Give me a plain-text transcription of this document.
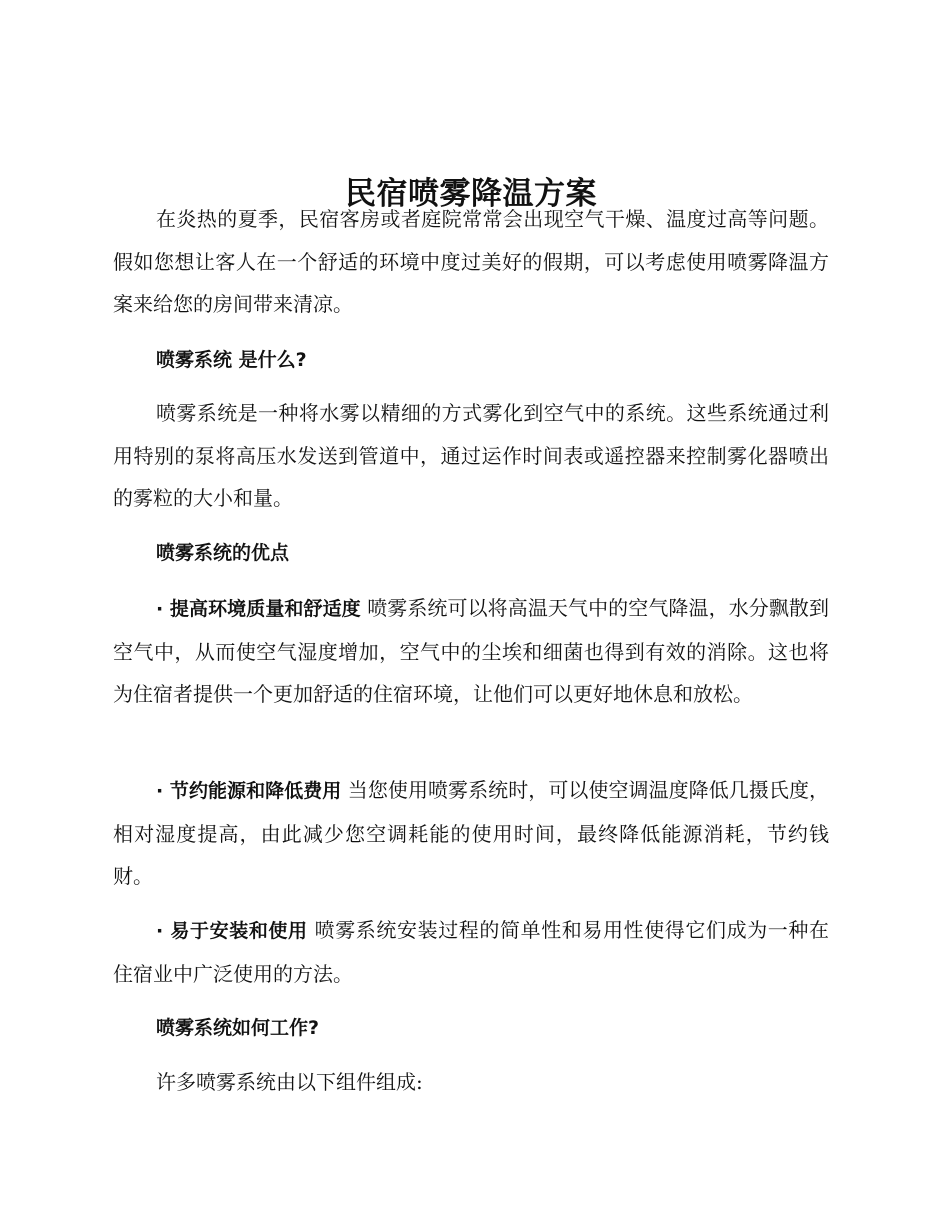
民宿喷雾降温方案

在炎热的夏季，民宿客房或者庭院常常会出现空气干燥、温度过高等问题。假如您想让客人在一个舒适的环境中度过美好的假期，可以考虑使用喷雾降温方案来给您的房间带来清凉。

喷雾系统 是什么?

喷雾系统是一种将水雾以精细的方式雾化到空气中的系统。这些系统通过利用特别的泵将高压水发送到管道中，通过运作时间表或遥控器来控制雾化器喷出的雾粒的大小和量。

喷雾系统的优点

· 提高环境质量和舒适度 喷雾系统可以将高温天气中的空气降温，水分飘散到空气中，从而使空气湿度增加，空气中的尘埃和细菌也得到有效的消除。这也将为住宿者提供一个更加舒适的住宿环境，让他们可以更好地休息和放松。

· 节约能源和降低费用 当您使用喷雾系统时，可以使空调温度降低几摄氏度，相对湿度提高，由此减少您空调耗能的使用时间，最终降低能源消耗，节约钱财。

· 易于安装和使用 喷雾系统安装过程的简单性和易用性使得它们成为一种在住宿业中广泛使用的方法。

喷雾系统如何工作?

许多喷雾系统由以下组件组成:
